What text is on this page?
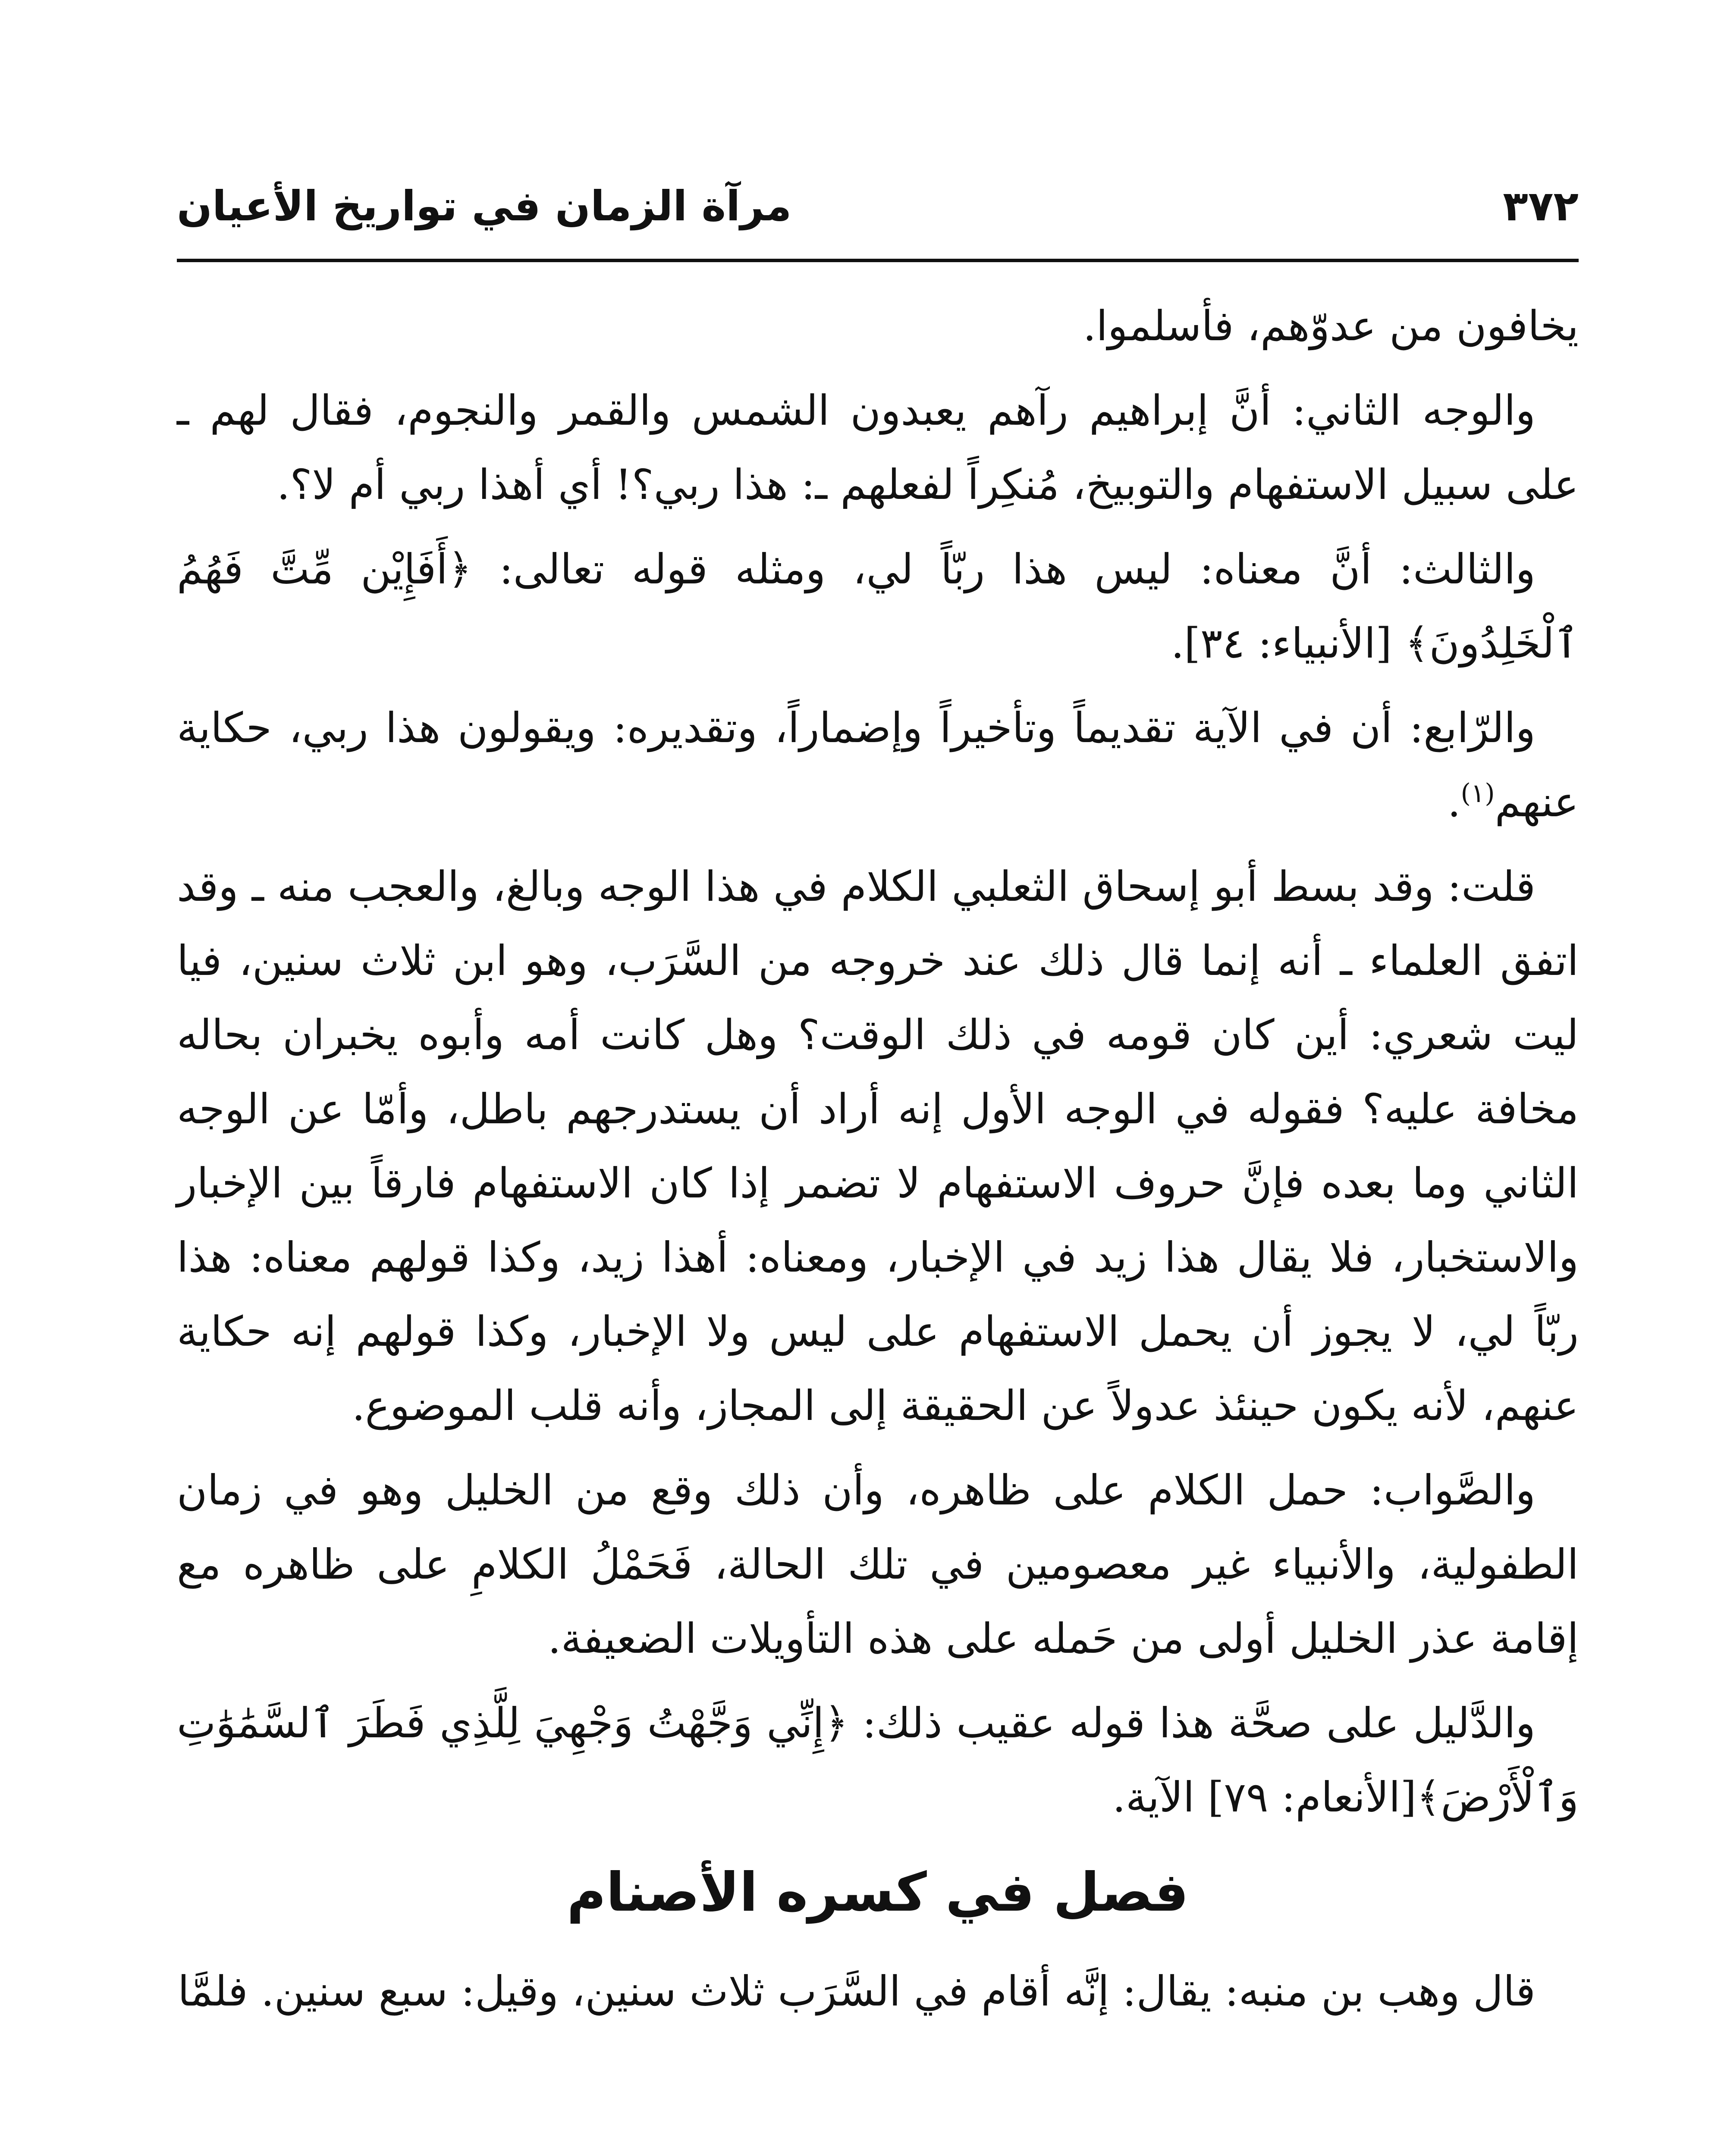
٣٧٢
مرآة الزمان في تواريخ الأعيان

يخافون من عدوّهم، فأسلموا.

والوجه الثاني: أنَّ إبراهيم رآهم يعبدون الشمس والقمر والنجوم، فقال لهم ـ على سبيل الاستفهام والتوبيخ، مُنكِراً لفعلهم ـ: هذا ربي؟! أي أهذا ربي أم لا؟.

والثالث: أنَّ معناه: ليس هذا ربّاً لي، ومثله قوله تعالى: ﴿أَفَإِيْن مِّتَّ فَهُمُ ٱلْخَلِدُونَ﴾ [الأنبياء: ٣٤].

والرّابع: أن في الآية تقديماً وتأخيراً وإضماراً، وتقديره: ويقولون هذا ربي، حكاية عنهم$^{(١)}$.

قلت: وقد بسط أبو إسحاق الثعلبي الكلام في هذا الوجه وبالغ، والعجب منه ـ وقد اتفق العلماء ـ أنه إنما قال ذلك عند خروجه من السَّرَب، وهو ابن ثلاث سنين، فيا ليت شعري: أين كان قومه في ذلك الوقت؟ وهل كانت أمه وأبوه يخبران بحاله مخافة عليه؟ فقوله في الوجه الأول إنه أراد أن يستدرجهم باطل، وأمّا عن الوجه الثاني وما بعده فإنَّ حروف الاستفهام لا تضمر إذا كان الاستفهام فارقاً بين الإخبار والاستخبار، فلا يقال هذا زيد في الإخبار، ومعناه: أهذا زيد، وكذا قولهم معناه: هذا ربّاً لي، لا يجوز أن يحمل الاستفهام على ليس ولا الإخبار، وكذا قولهم إنه حكاية عنهم، لأنه يكون حينئذ عدولاً عن الحقيقة إلى المجاز، وأنه قلب الموضوع.

والصَّواب: حمل الكلام على ظاهره، وأن ذلك وقع من الخليل وهو في زمان الطفولية، والأنبياء غير معصومين في تلك الحالة، فَحَمْلُ الكلامِ على ظاهره مع إقامة عذر الخليل أولى من حَمله على هذه التأويلات الضعيفة.

والدَّليل على صحَّة هذا قوله عقيب ذلك: ﴿إِنِّي وَجَّهْتُ وَجْهِيَ لِلَّذِي فَطَرَ ٱلسَّمَٰوَٰتِ وَٱلْأَرْضَ﴾[الأنعام: ٧٩] الآية.

فصل في كسره الأصنام

قال وهب بن منبه: يقال: إنَّه أقام في السَّرَب ثلاث سنين، وقيل: سبع سنين. فلمَّا
